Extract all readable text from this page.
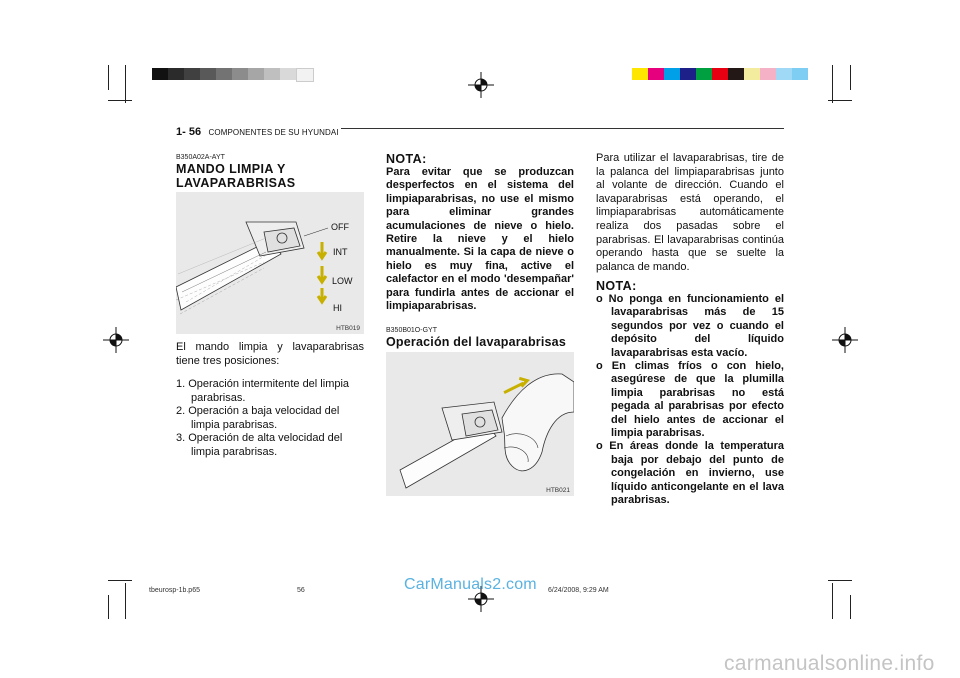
1- 56 COMPONENTES DE SU HYUNDAI
B350A02A-AYT
MANDO LIMPIA Y LAVAPARABRISAS
OFF
INT
LOW
HI
HTB019
El mando limpia y lavaparabrisas tiene tres posiciones:
1. Operación intermitente del limpia parabrisas.
2. Operación a baja velocidad del limpia parabrisas.
3. Operación de alta velocidad del limpia parabrisas.
NOTA:
Para evitar que se produzcan desperfectos en el sistema del limpiaparabrisas, no use el mismo para eliminar grandes acumulaciones de nieve o hielo. Retire la nieve y el hielo manualmente. Si la capa de nieve o hielo es muy fina, active el calefactor en el modo 'desempañar' para fundirla antes de accionar el limpiaparabrisas.
B350B01O-GYT
Operación del lavaparabrisas
HTB021
Para utilizar el lavaparabrisas, tire de la palanca del limpiaparabrisas junto al volante de dirección. Cuando el lavaparabrisas está operando, el limpiaparabrisas automáticamente realiza dos pasadas sobre el parabrisas. El lavaparabrisas continúa operando hasta que se suelte la palanca de mando.
NOTA:
o No ponga en funcionamiento el lavaparabrisas más de 15 segundos por vez o cuando el depósito del líquido lavaparabrisas esta vacío.
o En climas fríos o con hielo, asegúrese de que la plumilla limpia parabrisas no está pegada al parabrisas por efecto del hielo antes de accionar el limpia parabrisas.
o En áreas donde la temperatura baja por debajo del punto de congelación en invierno, use líquido anticongelante en el lava parabrisas.
tbeurosp-1b.p65	56	6/24/2008, 9:29 AM
CarManuals2.com
carmanualsonline.info
